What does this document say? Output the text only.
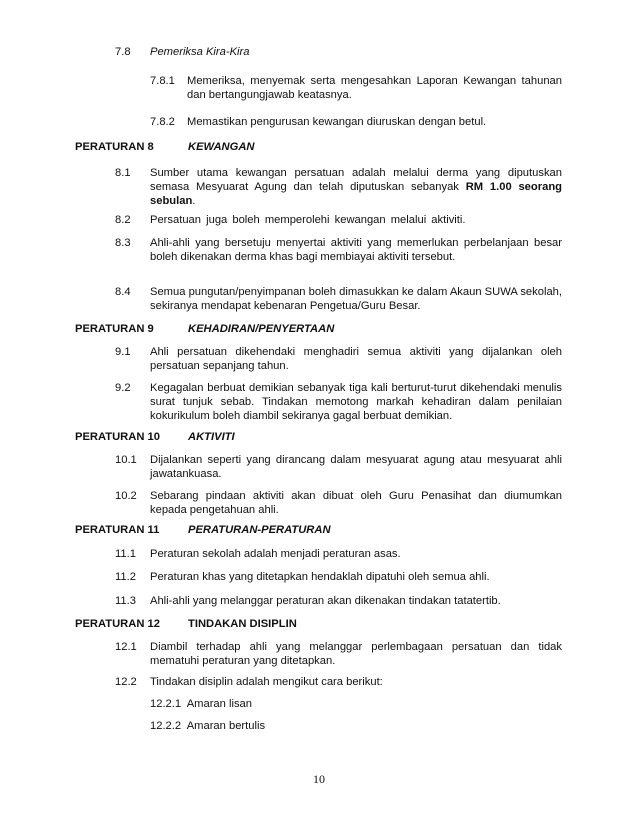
7.8 Pemeriksa Kira-Kira
7.8.1 Memeriksa, menyemak serta mengesahkan Laporan Kewangan tahunan dan bertangungjawab keatasnya.
7.8.2 Memastikan pengurusan kewangan diuruskan dengan betul.
PERATURAN 8	KEWANGAN
8.1 Sumber utama kewangan persatuan adalah melalui derma yang diputuskan semasa Mesyuarat Agung dan telah diputuskan sebanyak RM 1.00 seorang sebulan.
8.2 Persatuan juga boleh memperolehi kewangan melalui aktiviti.
8.3 Ahli-ahli yang bersetuju menyertai aktiviti yang memerlukan perbelanjaan besar boleh dikenakan derma khas bagi membiayai aktiviti tersebut.
8.4 Semua pungutan/penyimpanan boleh dimasukkan ke dalam Akaun SUWA sekolah, sekiranya mendapat kebenaran Pengetua/Guru Besar.
PERATURAN 9	KEHADIRAN/PENYERTAAN
9.1 Ahli persatuan dikehendaki menghadiri semua aktiviti yang dijalankan oleh persatuan sepanjang tahun.
9.2 Kegagalan berbuat demikian sebanyak tiga kali berturut-turut dikehendaki menulis surat tunjuk sebab. Tindakan memotong markah kehadiran dalam penilaian kokurikulum boleh diambil sekiranya gagal berbuat demikian.
PERATURAN 10	AKTIVITI
10.1 Dijalankan seperti yang dirancang dalam mesyuarat agung atau mesyuarat ahli jawatankuasa.
10.2 Sebarang pindaan aktiviti akan dibuat oleh Guru Penasihat dan diumumkan kepada pengetahuan ahli.
PERATURAN 11	PERATURAN-PERATURAN
11.1 Peraturan sekolah adalah menjadi peraturan asas.
11.2 Peraturan khas yang ditetapkan hendaklah dipatuhi oleh semua ahli.
11.3 Ahli-ahli yang melanggar peraturan akan dikenakan tindakan tatatertib.
PERATURAN 12	TINDAKAN DISIPLIN
12.1 Diambil terhadap ahli yang melanggar perlembagaan persatuan dan tidak mematuhi peraturan yang ditetapkan.
12.2 Tindakan disiplin adalah mengikut cara berikut:
12.2.1  Amaran lisan
12.2.2  Amaran bertulis
10
